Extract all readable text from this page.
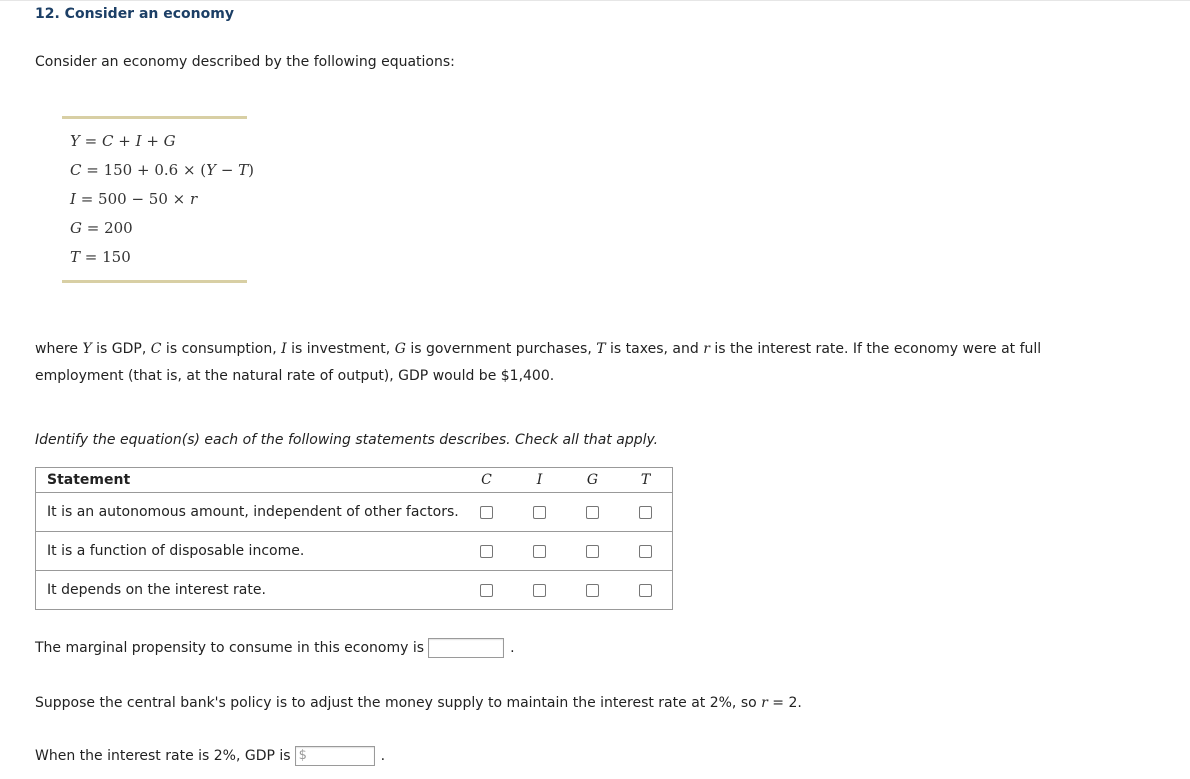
12. Consider an economy
Consider an economy described by the following equations:
Y = C + I + G
C = 150 + 0.6 × (Y − T)
I = 500 − 50 × r
G = 200
T = 150
where Y is GDP, C is consumption, I is investment, G is government purchases, T is taxes, and r is the interest rate. If the economy were at full employment (that is, at the natural rate of output), GDP would be $1,400.
Identify the equation(s) each of the following statements describes. Check all that apply.
Statement	C	I	G	T
It is an autonomous amount, independent of other factors.				
It is a function of disposable income.				
It depends on the interest rate.				
The marginal propensity to consume in this economy is	.
Suppose the central bank's policy is to adjust the money supply to maintain the interest rate at 2%, so r = 2.
When the interest rate is 2%, GDP is $	.
